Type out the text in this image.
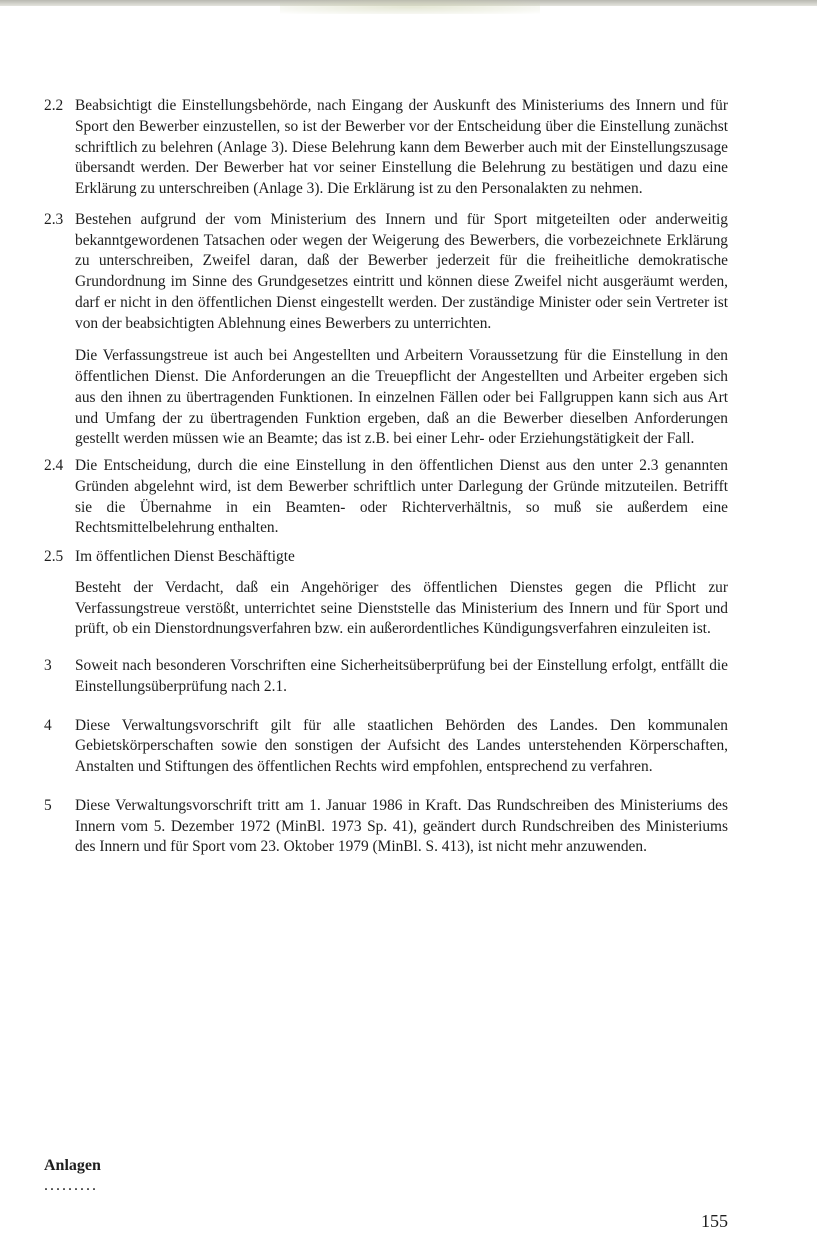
2.2 Beabsichtigt die Einstellungsbehörde, nach Eingang der Auskunft des Ministeriums des Innern und für Sport den Bewerber einzustellen, so ist der Bewerber vor der Entscheidung über die Einstellung zunächst schriftlich zu belehren (Anlage 3). Diese Belehrung kann dem Bewerber auch mit der Einstellungszusage übersandt werden. Der Bewerber hat vor seiner Einstellung die Belehrung zu bestätigen und dazu eine Erklärung zu unterschreiben (Anlage 3). Die Erklärung ist zu den Personalakten zu nehmen.

2.3 Bestehen aufgrund der vom Ministerium des Innern und für Sport mitgeteilten oder anderweitig bekanntgewordenen Tatsachen oder wegen der Weigerung des Bewerbers, die vorbezeichnete Erklärung zu unterschreiben, Zweifel daran, daß der Bewerber jederzeit für die freiheitliche demokratische Grundordnung im Sinne des Grundgesetzes eintritt und können diese Zweifel nicht ausgeräumt werden, darf er nicht in den öffentlichen Dienst eingestellt werden. Der zuständige Minister oder sein Vertreter ist von der beabsichtigten Ablehnung eines Bewerbers zu unterrichten.

Die Verfassungstreue ist auch bei Angestellten und Arbeitern Voraussetzung für die Einstellung in den öffentlichen Dienst. Die Anforderungen an die Treuepflicht der Angestellten und Arbeiter ergeben sich aus den ihnen zu übertragenden Funktionen. In einzelnen Fällen oder bei Fallgruppen kann sich aus Art und Umfang der zu übertragenden Funktion ergeben, daß an die Bewerber dieselben Anforderungen gestellt werden müssen wie an Beamte; das ist z.B. bei einer Lehr- oder Erziehungstätigkeit der Fall.

2.4 Die Entscheidung, durch die eine Einstellung in den öffentlichen Dienst aus den unter 2.3 genannten Gründen abgelehnt wird, ist dem Bewerber schriftlich unter Darlegung der Gründe mitzuteilen. Betrifft sie die Übernahme in ein Beamten- oder Richterverhältnis, so muß sie außerdem eine Rechtsmittelbelehrung enthalten.

2.5 Im öffentlichen Dienst Beschäftigte

Besteht der Verdacht, daß ein Angehöriger des öffentlichen Dienstes gegen die Pflicht zur Verfassungstreue verstößt, unterrichtet seine Dienststelle das Ministerium des Innern und für Sport und prüft, ob ein Dienstordnungsverfahren bzw. ein außerordentliches Kündigungsverfahren einzuleiten ist.

3 Soweit nach besonderen Vorschriften eine Sicherheitsüberprüfung bei der Einstellung erfolgt, entfällt die Einstellungsüberprüfung nach 2.1.

4 Diese Verwaltungsvorschrift gilt für alle staatlichen Behörden des Landes. Den kommunalen Gebietskörperschaften sowie den sonstigen der Aufsicht des Landes unterstehenden Körperschaften, Anstalten und Stiftungen des öffentlichen Rechts wird empfohlen, entsprechend zu verfahren.

5 Diese Verwaltungsvorschrift tritt am 1. Januar 1986 in Kraft. Das Rundschreiben des Ministeriums des Innern vom 5. Dezember 1972 (MinBl. 1973 Sp. 41), geändert durch Rundschreiben des Ministeriums des Innern und für Sport vom 23. Oktober 1979 (MinBl. S. 413), ist nicht mehr anzuwenden.

Anlagen
.........
155
